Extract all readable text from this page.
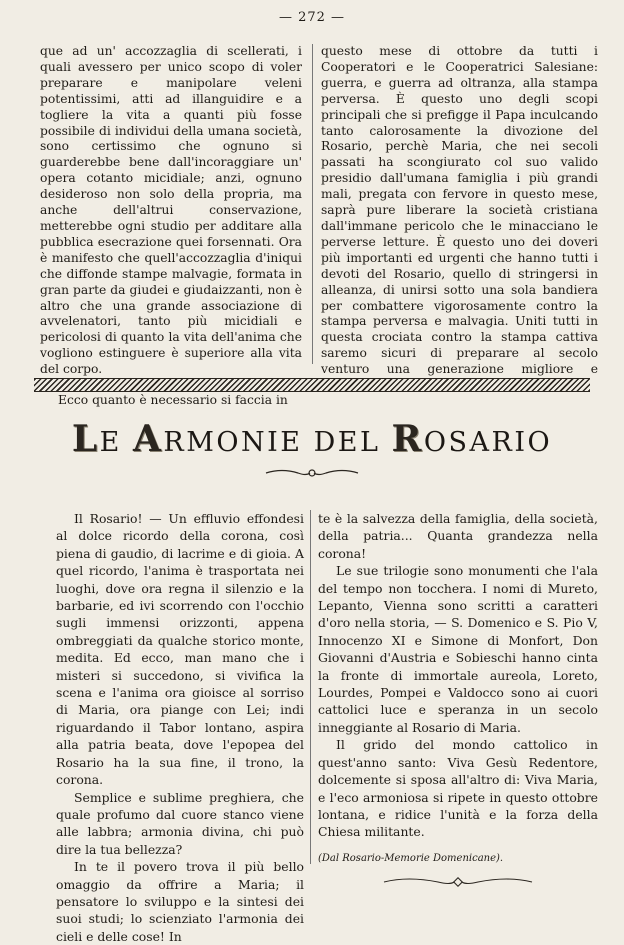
— 272 —

que ad un' accozzaglia di scellerati, i quali avessero per unico scopo di voler preparare e manipolare veleni potentissimi, atti ad illanguidire e a togliere la vita a quanti più fosse possibile di individui della umana società, sono certissimo che ognuno si guarderebbe bene dall'incoraggiare un' opera cotanto micidiale; anzi, ognuno desideroso non solo della propria, ma anche dell'altrui conservazione, metterebbe ogni studio per additare alla pubblica esecrazione quei forsennati. Ora è manifesto che quell'accozzaglia d'iniqui che diffonde stampe malvagie, formata in gran parte da giudei e giudaizzanti, non è altro che una grande associazione di avvelenatori, tanto più micidiali e pericolosi di quanto la vita dell'anima che vogliono estinguere è superiore alla vita del corpo.

Ecco quanto è necessario si faccia in

questo mese di ottobre da tutti i Cooperatori e le Cooperatrici Salesiane: guerra, e guerra ad oltranza, alla stampa perversa. È questo uno degli scopi principali che si prefigge il Papa inculcando tanto calorosamente la divozione del Rosario, perchè Maria, che nei secoli passati ha scongiurato col suo valido presidio dall'umana famiglia i più grandi mali, pregata con fervore in questo mese, saprà pure liberare la società cristiana dall'immane pericolo che le minacciano le perverse letture. È questo uno dei doveri più importanti ed urgenti che hanno tutti i devoti del Rosario, quello di stringersi in alleanza, di unirsi sotto una sola bandiera per combattere vigorosamente contro la stampa perversa e malvagia. Uniti tutti in questa crociata contro la stampa cattiva saremo sicuri di preparare al secolo venturo una generazione migliore e

LE ARMONIE DEL ROSARIO

Il Rosario! — Un effluvio effondesi al dolce ricordo della corona, così piena di gaudio, di lacrime e di gioia. A quel ricordo, l'anima è trasportata nei luoghi, dove ora regna il silenzio e la barbarie, ed ivi scorrendo con l'occhio sugli immensi orizzonti, appena ombreggiati da qualche storico monte, medita. Ed ecco, man mano che i misteri si succedono, si vivifica la scena e l'anima ora gioisce al sorriso di Maria, ora piange con Lei; indi riguardando il Tabor lontano, aspira alla patria beata, dove l'epopea del Rosario ha la sua fine, il trono, la corona.

Semplice e sublime preghiera, che quale profumo dal cuore stanco viene alle labbra; armonia divina, chi può dire la tua bellezza?

In te il povero trova il più bello omaggio da offrire a Maria; il pensatore lo sviluppo e la sintesi dei suoi studi; lo scienziato l'armonia dei cieli e delle cose! In

te è la salvezza della famiglia, della società, della patria... Quanta grandezza nella corona!

Le sue trilogie sono monumenti che l'ala del tempo non tocchera. I nomi di Mureto, Lepanto, Vienna sono scritti a caratteri d'oro nella storia, — S. Domenico e S. Pio V, Innocenzo XI e Simone di Monfort, Don Giovanni d'Austria e Sobieschi hanno cinta la fronte di immortale aureola, Loreto, Lourdes, Pompei e Valdocco sono ai cuori cattolici luce e speranza in un secolo inneggiante al Rosario di Maria.

Il grido del mondo cattolico in quest'anno santo: Viva Gesù Redentore, dolcemente si sposa all'altro di: Viva Maria, e l'eco armoniosa si ripete in questo ottobre lontana, e ridice l'unità e la forza della Chiesa militante.

(Dal Rosario-Memorie Domenicane).
